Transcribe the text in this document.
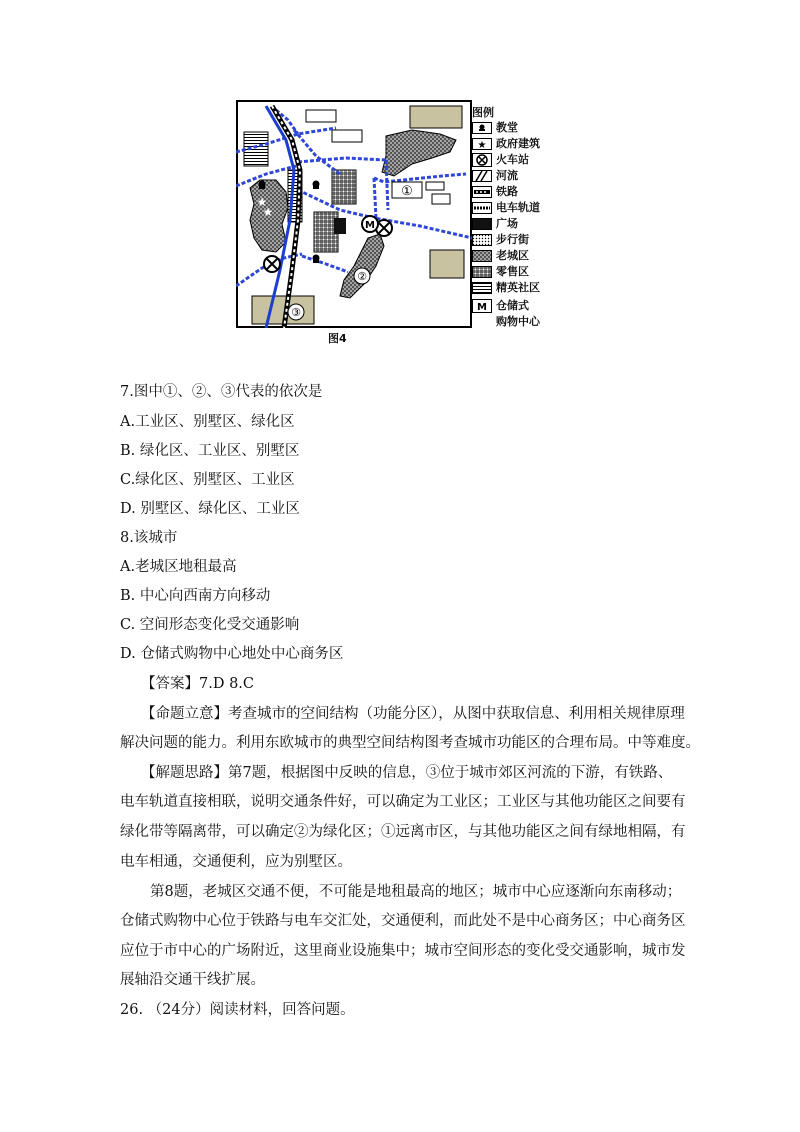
★
★
M
①
②
③
图例
教堂
★ 政府建筑
火车站
河流
铁路
电车轨道
广场
步行街
老城区
零售区
精英社区
M 仓储式
购物中心
图4
7.图中①、②、③代表的依次是
A.工业区、别墅区、绿化区
B. 绿化区、工业区、别墅区
C.绿化区、别墅区、工业区
D. 别墅区、绿化区、工业区
8.该城市
A.老城区地租最高
B. 中心向西南方向移动
C. 空间形态变化受交通影响
D. 仓储式购物中心地处中心商务区
【答案】7.D 8.C
【命题立意】考查城市的空间结构（功能分区），从图中获取信息、利用相关规律原理
解决问题的能力。利用东欧城市的典型空间结构图考查城市功能区的合理布局。中等难度。
【解题思路】第7题，根据图中反映的信息，③位于城市郊区河流的下游，有铁路、
电车轨道直接相联，说明交通条件好，可以确定为工业区；工业区与其他功能区之间要有
绿化带等隔离带，可以确定②为绿化区；①远离市区，与其他功能区之间有绿地相隔，有
电车相通，交通便利，应为别墅区。
第8题，老城区交通不便，不可能是地租最高的地区；城市中心应逐渐向东南移动；
仓储式购物中心位于铁路与电车交汇处，交通便利，而此处不是中心商务区；中心商务区
应位于市中心的广场附近，这里商业设施集中；城市空间形态的变化受交通影响，城市发
展轴沿交通干线扩展。
26. （24分）阅读材料，回答问题。
